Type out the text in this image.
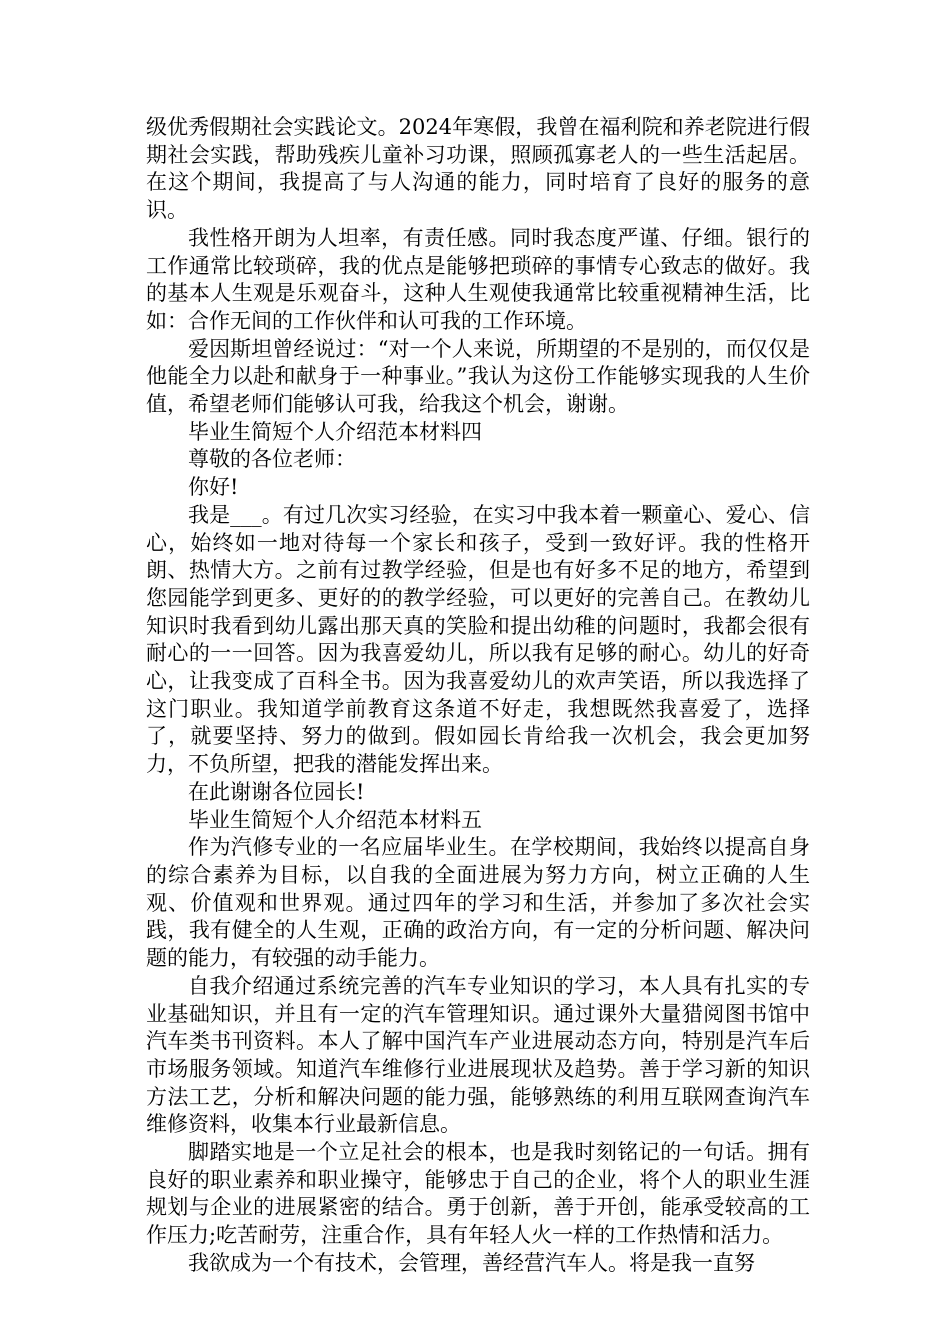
级优秀假期社会实践论文。2024年寒假，我曾在福利院和养老院进行假期社会实践，帮助残疾儿童补习功课，照顾孤寡老人的一些生活起居。在这个期间，我提高了与人沟通的能力，同时培育了良好的服务的意识。

我性格开朗为人坦率，有责任感。同时我态度严谨、仔细。银行的工作通常比较琐碎，我的优点是能够把琐碎的事情专心致志的做好。我的基本人生观是乐观奋斗，这种人生观使我通常比较重视精神生活，比如：合作无间的工作伙伴和认可我的工作环境。

爱因斯坦曾经说过：“对一个人来说，所期望的不是别的，而仅仅是他能全力以赴和献身于一种事业。”我认为这份工作能够实现我的人生价值，希望老师们能够认可我，给我这个机会，谢谢。

毕业生简短个人介绍范本材料四

尊敬的各位老师：

你好!

我是___。有过几次实习经验，在实习中我本着一颗童心、爱心、信心，始终如一地对待每一个家长和孩子，受到一致好评。我的性格开朗、热情大方。之前有过教学经验，但是也有好多不足的地方，希望到您园能学到更多、更好的的教学经验，可以更好的完善自己。在教幼儿知识时我看到幼儿露出那天真的笑脸和提出幼稚的问题时，我都会很有耐心的一一回答。因为我喜爱幼儿，所以我有足够的耐心。幼儿的好奇心，让我变成了百科全书。因为我喜爱幼儿的欢声笑语，所以我选择了这门职业。我知道学前教育这条道不好走，我想既然我喜爱了，选择了，就要坚持、努力的做到。假如园长肯给我一次机会，我会更加努力，不负所望，把我的潜能发挥出来。

在此谢谢各位园长!

毕业生简短个人介绍范本材料五

作为汽修专业的一名应届毕业生。在学校期间，我始终以提高自身的综合素养为目标，以自我的全面进展为努力方向，树立正确的人生观、价值观和世界观。通过四年的学习和生活，并参加了多次社会实践，我有健全的人生观，正确的政治方向，有一定的分析问题、解决问题的能力，有较强的动手能力。

自我介绍通过系统完善的汽车专业知识的学习，本人具有扎实的专业基础知识，并且有一定的汽车管理知识。通过课外大量猎阅图书馆中汽车类书刊资料。本人了解中国汽车产业进展动态方向，特别是汽车后市场服务领域。知道汽车维修行业进展现状及趋势。善于学习新的知识方法工艺，分析和解决问题的能力强，能够熟练的利用互联网查询汽车维修资料，收集本行业最新信息。

脚踏实地是一个立足社会的根本，也是我时刻铭记的一句话。拥有良好的职业素养和职业操守，能够忠于自己的企业，将个人的职业生涯规划与企业的进展紧密的结合。勇于创新，善于开创，能承受较高的工作压力;吃苦耐劳，注重合作，具有年轻人火一样的工作热情和活力。

我欲成为一个有技术，会管理，善经营汽车人。将是我一直努
